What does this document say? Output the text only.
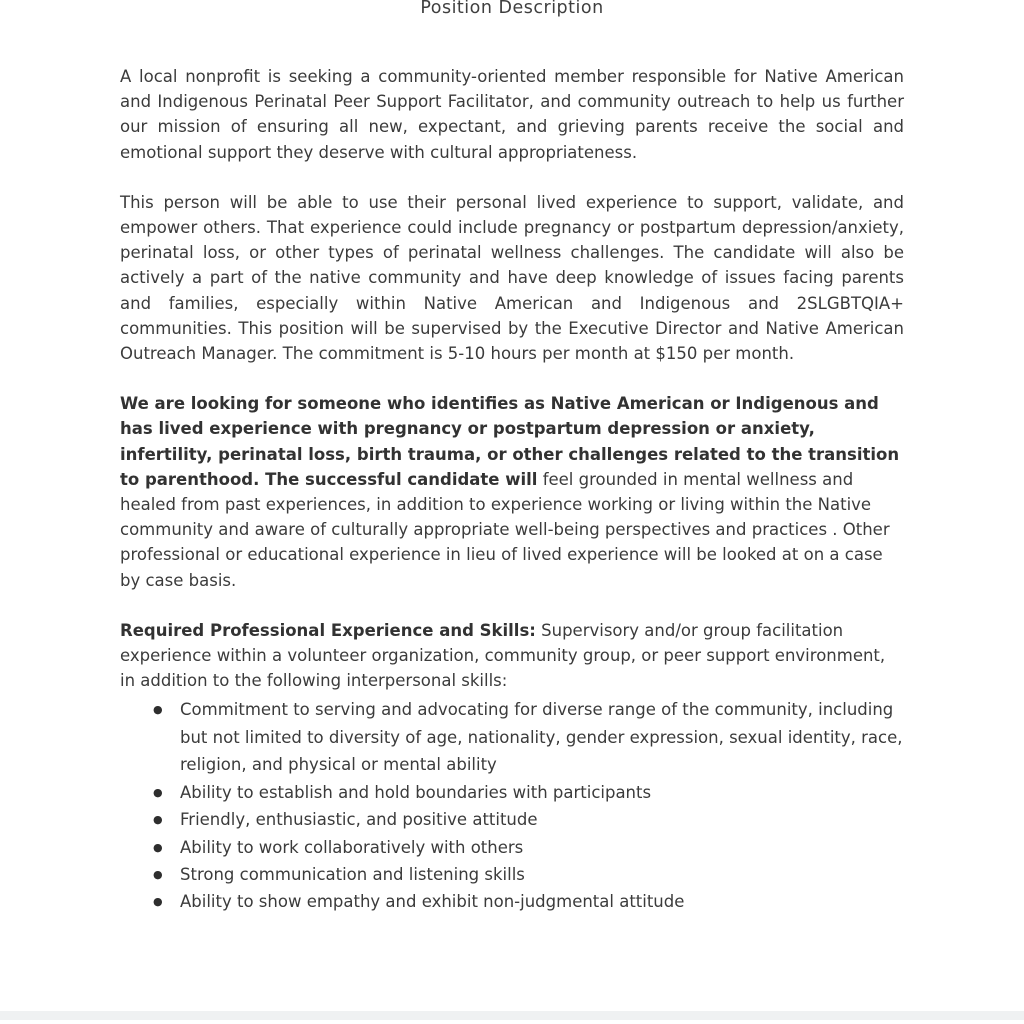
Position Description

A local nonprofit is seeking a community-oriented member responsible for Native American and Indigenous Perinatal Peer Support Facilitator, and community outreach to help us further our mission of ensuring all new, expectant, and grieving parents receive the social and emotional support they deserve with cultural appropriateness.

This person will be able to use their personal lived experience to support, validate, and empower others. That experience could include pregnancy or postpartum depression/anxiety, perinatal loss, or other types of perinatal wellness challenges. The candidate will also be actively a part of the native community and have deep knowledge of issues facing parents and families, especially within Native American and Indigenous and 2SLGBTQIA+ communities. This position will be supervised by the Executive Director and Native American Outreach Manager. The commitment is 5-10 hours per month at $150 per month.

We are looking for someone who identifies as Native American or Indigenous and has lived experience with pregnancy or postpartum depression or anxiety, infertility, perinatal loss, birth trauma, or other challenges related to the transition to parenthood. The successful candidate will feel grounded in mental wellness and healed from past experiences, in addition to experience working or living within the Native community and aware of culturally appropriate well-being perspectives and practices . Other professional or educational experience in lieu of lived experience will be looked at on a case by case basis.

Required Professional Experience and Skills: Supervisory and/or group facilitation experience within a volunteer organization, community group, or peer support environment, in addition to the following interpersonal skills:

●	Commitment to serving and advocating for diverse range of the community, including but not limited to diversity of age, nationality, gender expression, sexual identity, race, religion, and physical or mental ability
●	Ability to establish and hold boundaries with participants
●	Friendly, enthusiastic, and positive attitude
●	Ability to work collaboratively with others
●	Strong communication and listening skills
●	Ability to show empathy and exhibit non-judgmental attitude
